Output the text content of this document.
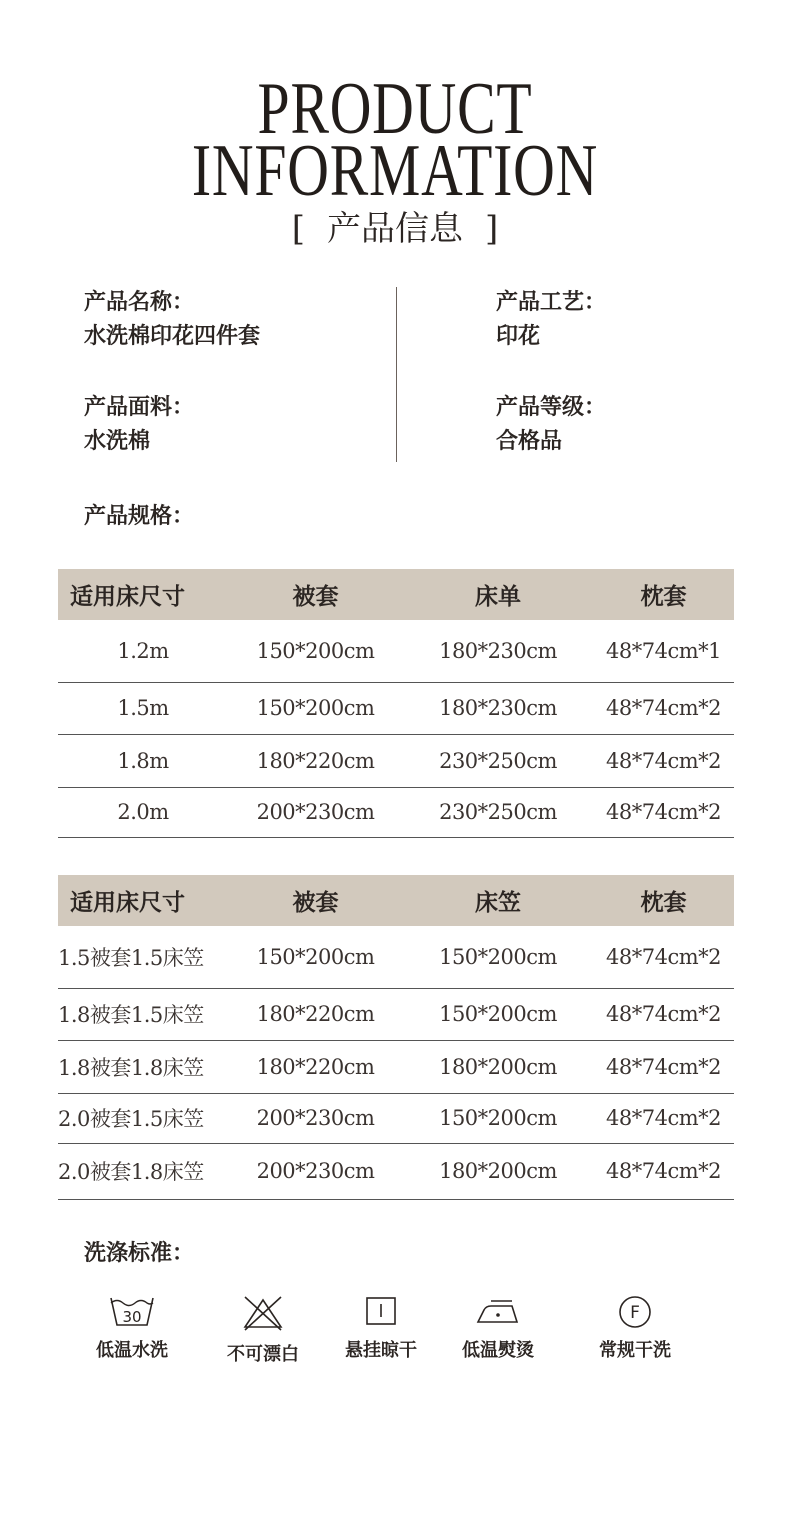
PRODUCT
INFORMATION
[ 产品信息 ]
产品名称：
水洗棉印花四件套
产品工艺：
印花
产品面料：
水洗棉
产品等级：
合格品
产品规格：
适用床尺寸	被套	床单	枕套
1.2m	150*200cm	180*230cm	48*74cm*1
1.5m	150*200cm	180*230cm	48*74cm*2
1.8m	180*220cm	230*250cm	48*74cm*2
2.0m	200*230cm	230*250cm	48*74cm*2
适用床尺寸	被套	床笠	枕套
1.5被套1.5床笠	150*200cm	150*200cm	48*74cm*2
1.8被套1.5床笠	180*220cm	150*200cm	48*74cm*2
1.8被套1.8床笠	180*220cm	180*200cm	48*74cm*2
2.0被套1.5床笠	200*230cm	150*200cm	48*74cm*2
2.0被套1.8床笠	200*230cm	180*200cm	48*74cm*2
洗涤标准：
30
低温水洗	不可漂白	悬挂晾干	低温熨烫
F
常规干洗
